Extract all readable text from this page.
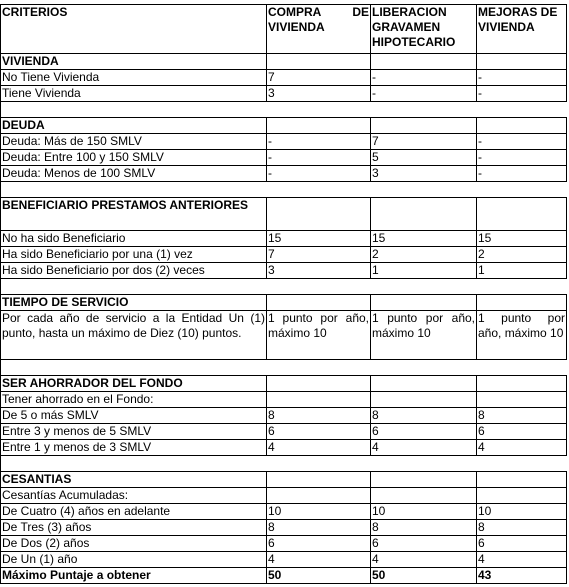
CRITERIOS	COMPRA DE VIVIENDA	LIBERACION GRAVAMEN HIPOTECARIO	MEJORAS DE VIVIENDA
VIVIENDA			
No Tiene Vivienda	7	-	-
Tiene Vivienda	3	-	-

DEUDA			
Deuda: Más de 150 SMLV	-	7	-
Deuda: Entre 100 y 150 SMLV	-	5	-
Deuda: Menos de 100 SMLV	-	3	-

BENEFICIARIO PRESTAMOS ANTERIORES			
No ha sido Beneficiario	15	15	15
Ha sido Beneficiario por una (1) vez	7	2	2
Ha sido Beneficiario por dos (2) veces	3	1	1

TIEMPO DE SERVICIO			
Por cada año de servicio a la Entidad Un (1) punto, hasta un máximo de Diez (10) puntos.	1 punto por año, máximo 10	1 punto por año, máximo 10	1 punto por año, máximo 10

SER AHORRADOR DEL FONDO			
Tener ahorrado en el Fondo:			
De 5 o más SMLV	8	8	8
Entre 3 y menos de 5 SMLV	6	6	6
Entre 1 y menos de 3 SMLV	4	4	4

CESANTIAS			
Cesantías Acumuladas:			
De Cuatro (4) años en adelante	10	10	10
De Tres (3) años	8	8	8
De Dos (2) años	6	6	6
De Un (1) año	4	4	4
Máximo Puntaje a obtener	50	50	43
